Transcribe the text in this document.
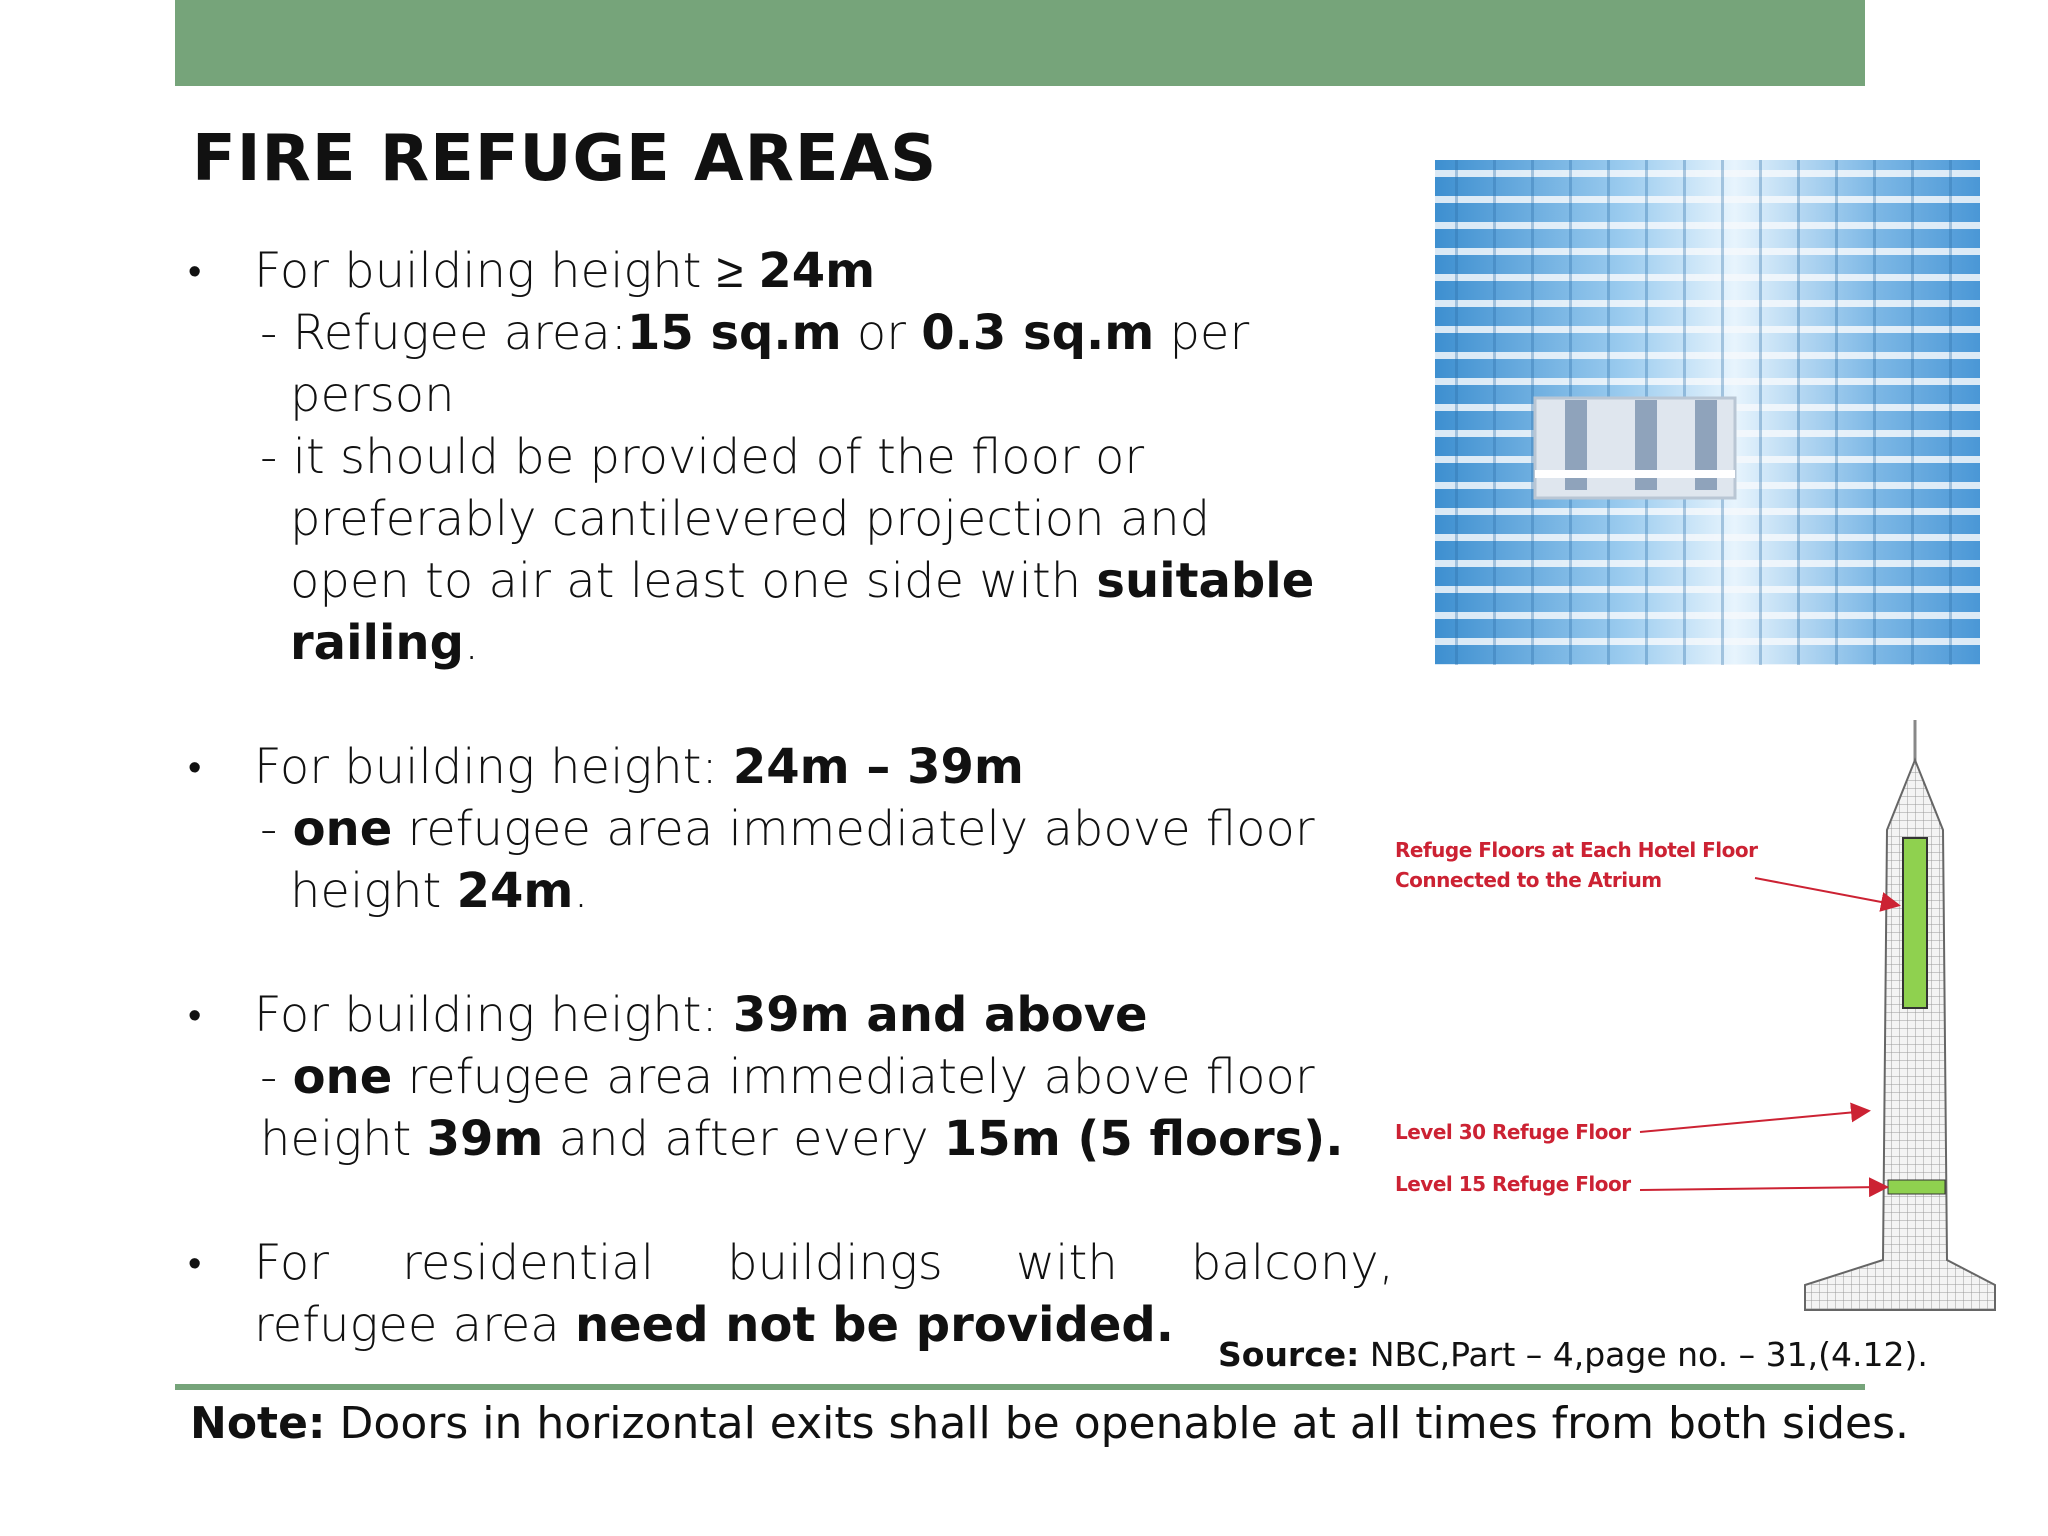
FIRE REFUGE AREAS
• For building height ≥ 24m
- Refugee area:15 sq.m or 0.3 sq.m per
person
- it should be provided of the floor or
preferably cantilevered projection and
open to air at least one side with suitable
railing.
• For building height: 24m – 39m
- one refugee area immediately above floor
height 24m.
• For building height: 39m and above
- one refugee area immediately above floor
height 39m and after every 15m (5 floors).
• For residential buildings with balcony,
refugee area need not be provided.
Refuge Floors at Each Hotel Floor
Connected to the Atrium
Level 30 Refuge Floor
Level 15 Refuge Floor
Source: NBC,Part – 4,page no. – 31,(4.12).
Note: Doors in horizontal exits shall be openable at all times from both sides.
